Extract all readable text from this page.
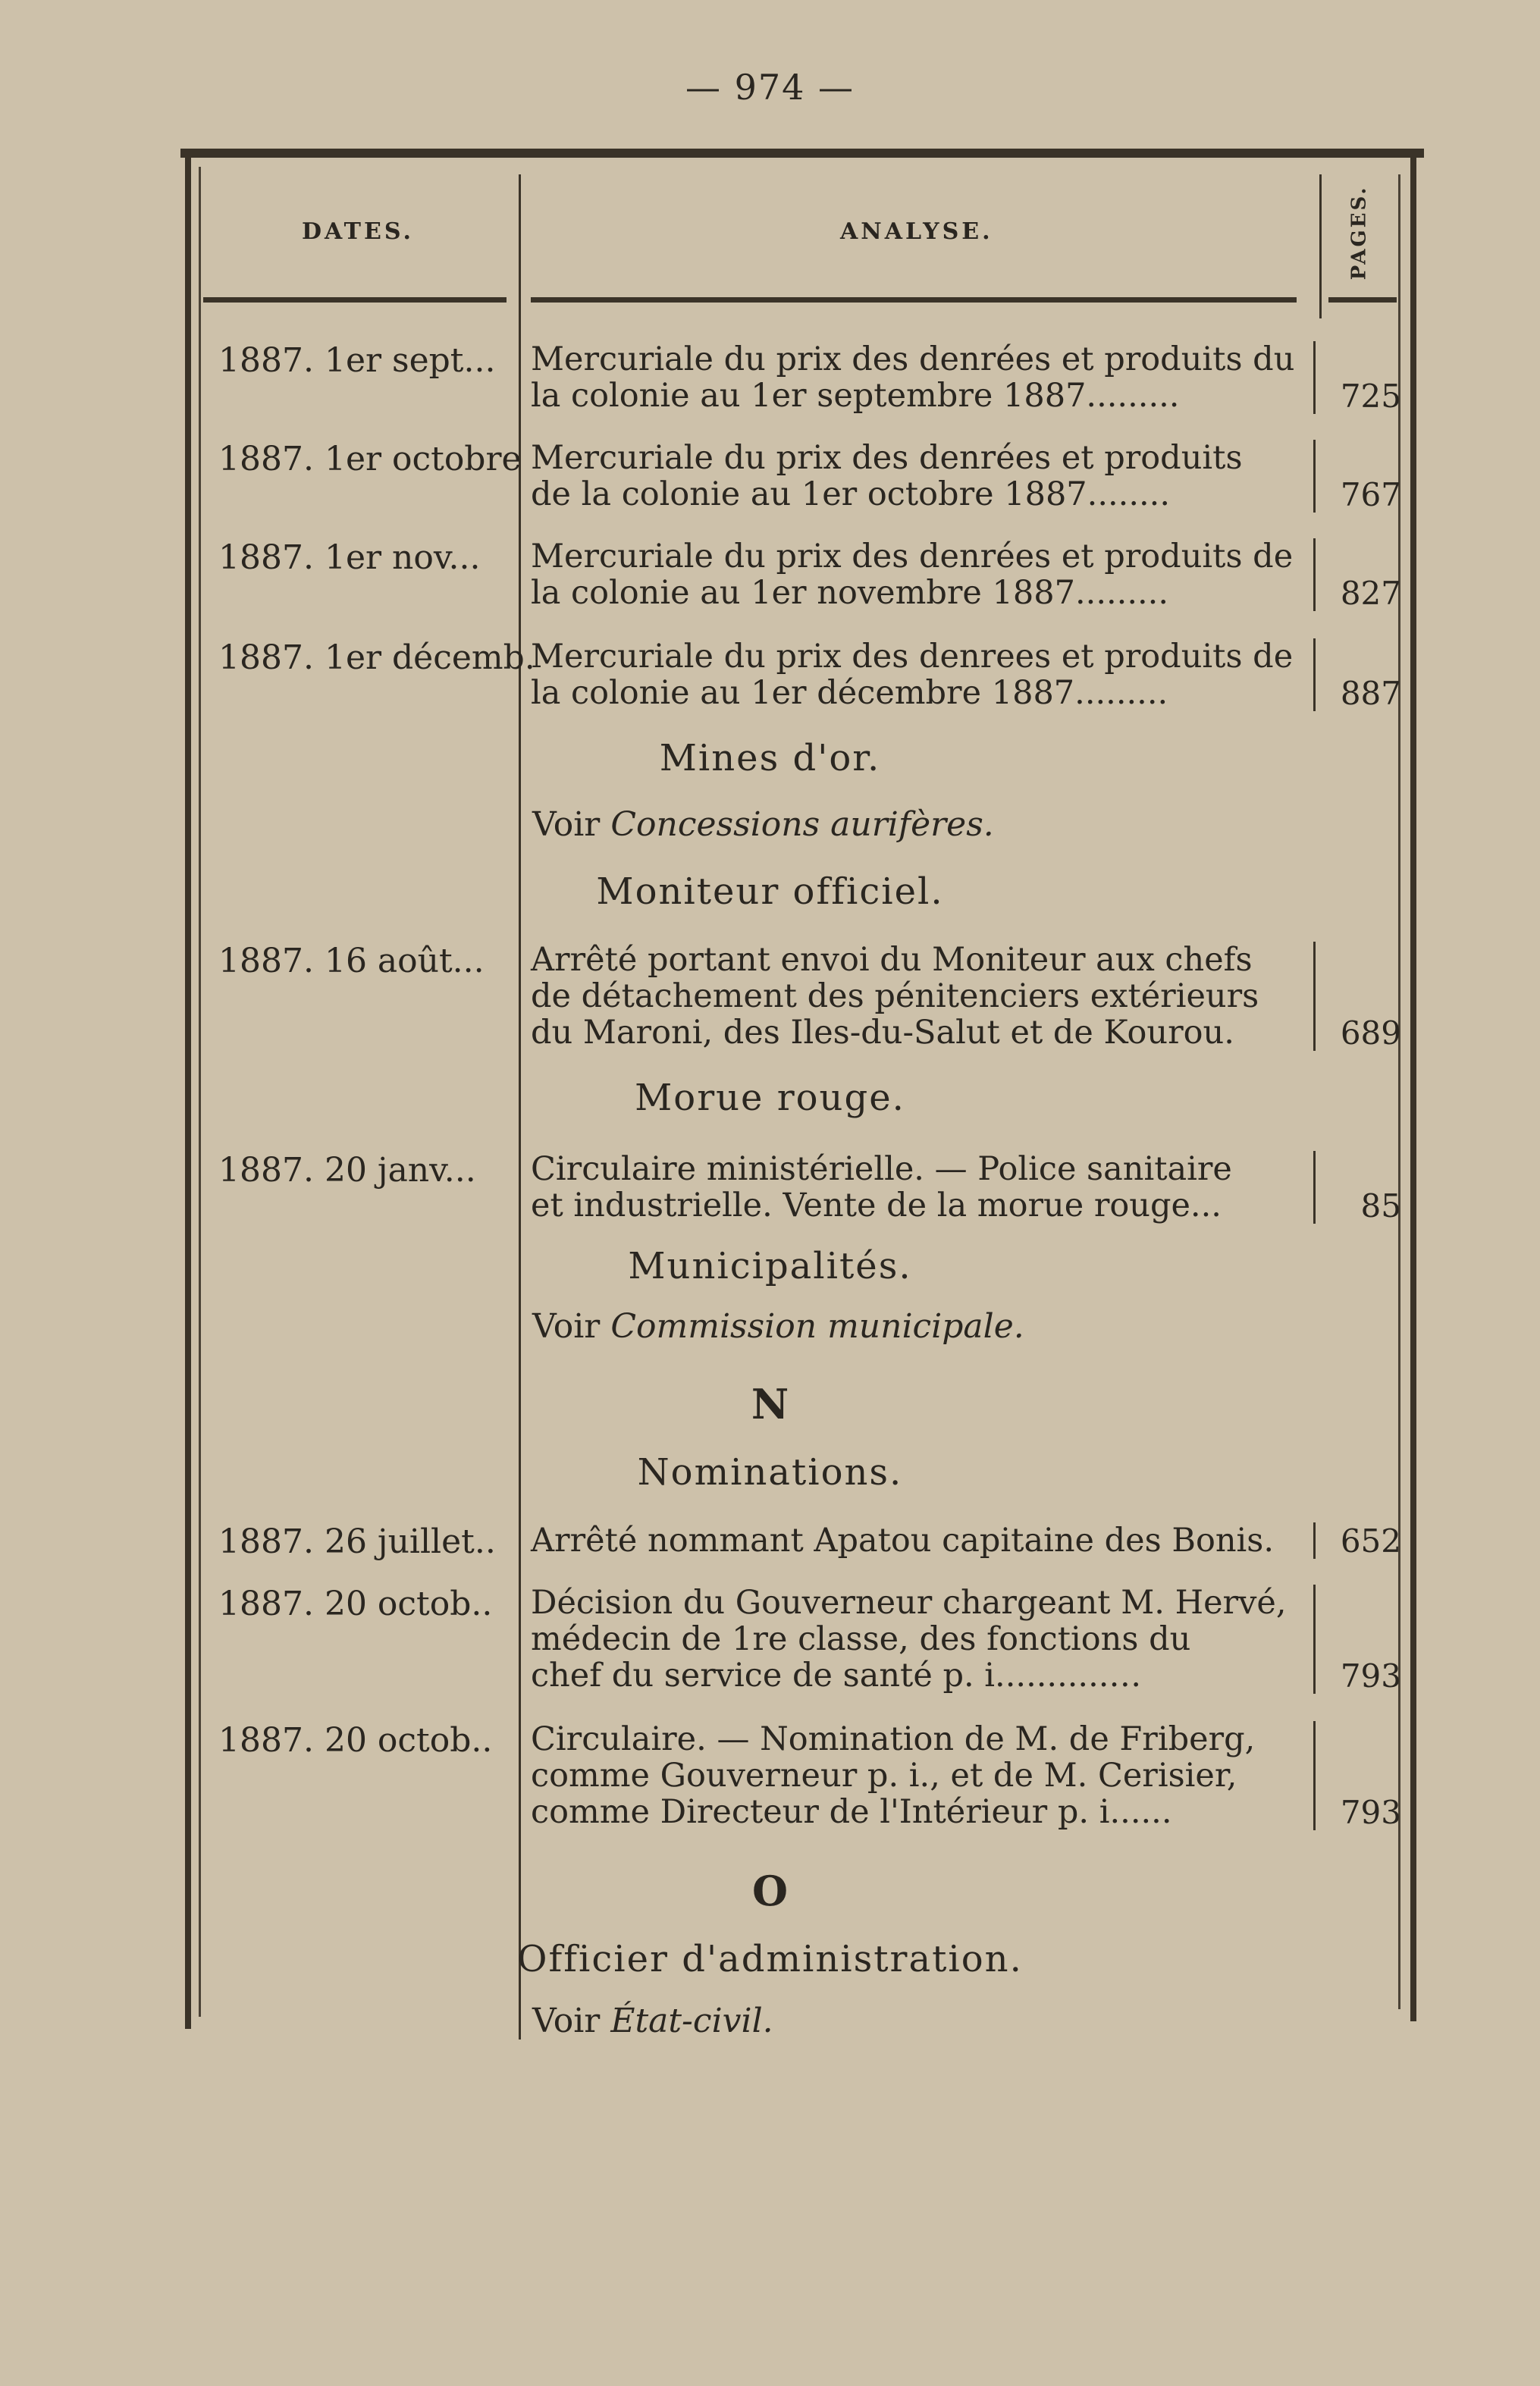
— 974 —
DATES.	ANALYSE.	PAGES.
1887. 1er sept... Mercuriale du prix des denrées et produits du
la colonie au 1er septembre 1887.........	725
1887. 1er octobre Mercuriale du prix des denrées et produits
de la colonie au 1er octobre 1887........	767
1887. 1er nov... Mercuriale du prix des denrées et produits de
la colonie au 1er novembre 1887.........	827
1887. 1er décemb.
Mercuriale du prix des denrees et produits de
la colonie au 1er décembre 1887.........	887
Mines d'or.
Voir Concessions aurifères.
Moniteur officiel.
1887. 16 août... Arrêté portant envoi du Moniteur aux chefs
de détachement des pénitenciers extérieurs
du Maroni, des Iles-du-Salut et de Kourou.	689
Morue rouge.
1887. 20 janv... Circulaire ministérielle. — Police sanitaire
et industrielle. Vente de la morue rouge...	85
Municipalités.
Voir Commission municipale.
N
Nominations.
1887. 26 juillet.. Arrêté nommant Apatou capitaine des Bonis.	652
1887. 20 octob.. Décision du Gouverneur chargeant M. Hervé,
médecin de 1re classe, des fonctions du
chef du service de santé p. i...........…	793
1887. 20 octob.. Circulaire. — Nomination de M. de Friberg,
comme Gouverneur p. i., et de M. Cerisier,
comme Directeur de l'Intérieur p. i......	793
O
Officier d'administration.
Voir État-civil.
